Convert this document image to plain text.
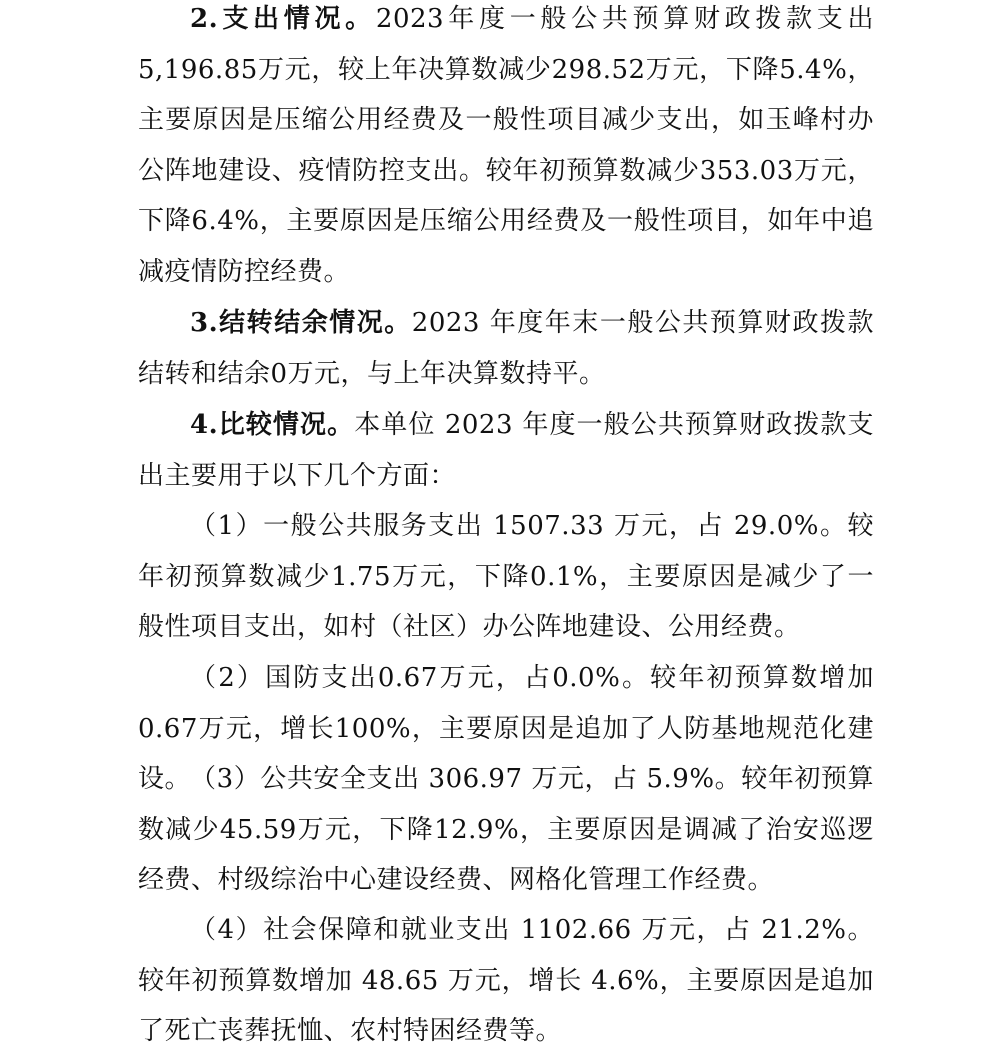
2.支出情况。2023年度一般公共预算财政拨款支出5,196.85万元，较上年决算数减少298.52万元，下降5.4%，主要原因是压缩公用经费及一般性项目减少支出，如玉峰村办公阵地建设、疫情防控支出。较年初预算数减少353.03万元，下降6.4%，主要原因是压缩公用经费及一般性项目，如年中追减疫情防控经费。

3.结转结余情况。2023 年度年末一般公共预算财政拨款结转和结余0万元，与上年决算数持平。

4.比较情况。本单位 2023 年度一般公共预算财政拨款支出主要用于以下几个方面：

（1）一般公共服务支出 1507.33 万元，占 29.0%。较年初预算数减少1.75万元，下降0.1%，主要原因是减少了一般性项目支出，如村（社区）办公阵地建设、公用经费。

（2）国防支出0.67万元，占0.0%。较年初预算数增加0.67万元，增长100%，主要原因是追加了人防基地规范化建设。

（3）公共安全支出 306.97 万元，占 5.9%。较年初预算数减少45.59万元，下降12.9%，主要原因是调减了治安巡逻经费、村级综治中心建设经费、网格化管理工作经费。

（4）社会保障和就业支出 1102.66 万元，占 21.2%。较年初预算数增加 48.65 万元，增长 4.6%，主要原因是追加了死亡丧葬抚恤、农村特困经费等。
